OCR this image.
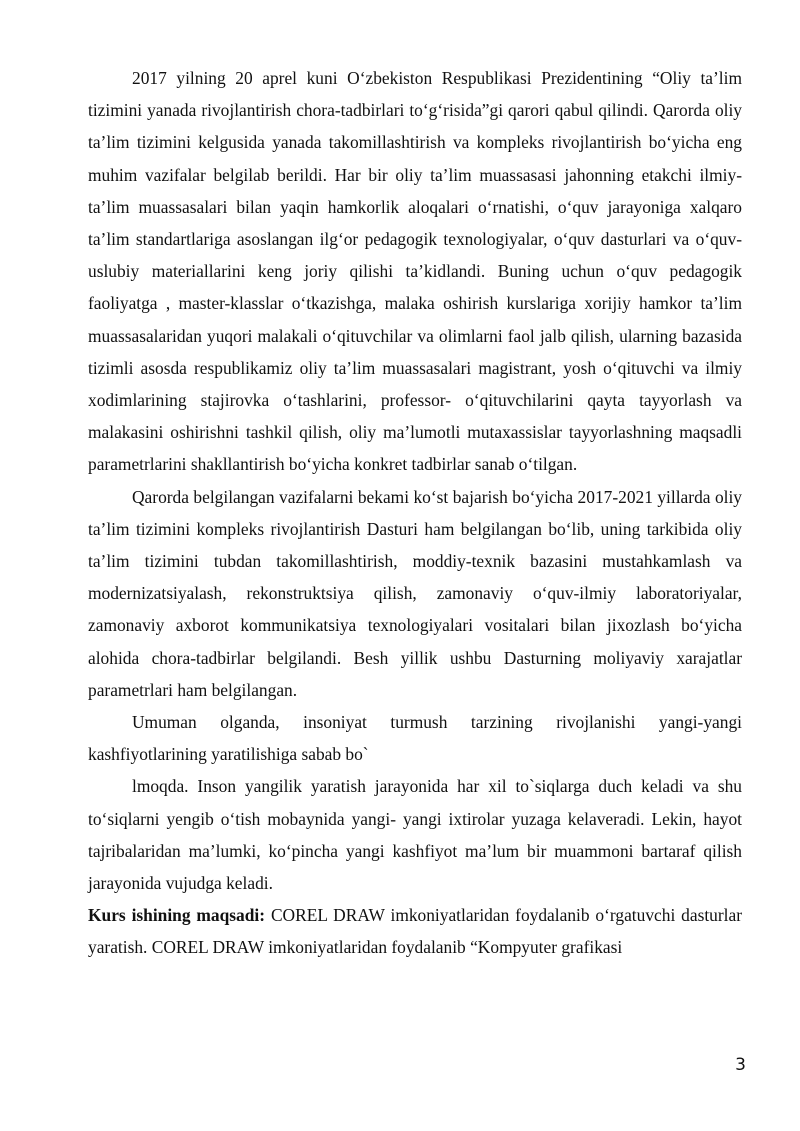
2017 yilning 20 aprel kuni O‘zbekiston Respublikasi Prezidentining “Oliy ta’lim tizimini yanada rivojlantirish chora-tadbirlari to‘g‘risida”gi qarori qabul qilindi. Qarorda oliy ta’lim tizimini kelgusida yanada takomillashtirish va kompleks rivojlantirish bo‘yicha eng muhim vazifalar belgilab berildi. Har bir oliy ta’lim muassasasi jahonning etakchi ilmiy-ta’lim muassasalari bilan yaqin hamkorlik aloqalari o‘rnatishi, o‘quv jarayoniga xalqaro ta’lim standartlariga asoslangan ilg‘or pedagogik texnologiyalar, o‘quv dasturlari va o‘quv-uslubiy materiallarini keng joriy qilishi ta’kidlandi. Buning uchun o‘quv pedagogik faoliyatga , master-klasslar o‘tkazishga, malaka oshirish kurslariga xorijiy hamkor ta’lim muassasalaridan yuqori malakali o‘qituvchilar va olimlarni faol jalb qilish, ularning bazasida tizimli asosda respublikamiz oliy ta’lim muassasalari magistrant, yosh o‘qituvchi va ilmiy xodimlarining stajirovka o‘tashlarini, professor- o‘qituvchilarini qayta tayyorlash va malakasini oshirishni tashkil qilish, oliy ma’lumotli mutaxassislar tayyorlashning maqsadli parametrlarini shakllantirish bo‘yicha konkret tadbirlar sanab o‘tilgan.

Qarorda belgilangan vazifalarni bekami ko‘st bajarish bo‘yicha 2017-2021 yillarda oliy ta’lim tizimini kompleks rivojlantirish Dasturi ham belgilangan bo‘lib, uning tarkibida oliy ta’lim tizimini tubdan takomillashtirish, moddiy-texnik bazasini mustahkamlash va modernizatsiyalash, rekonstruktsiya qilish, zamonaviy o‘quv-ilmiy laboratoriyalar, zamonaviy axborot kommunikatsiya texnologiyalari vositalari bilan jixozlash bo‘yicha alohida chora-tadbirlar belgilandi. Besh yillik ushbu Dasturning moliyaviy xarajatlar parametrlari ham belgilangan.

Umuman olganda, insoniyat turmush tarzining rivojlanishi yangi-yangi kashfiyotlarining yaratilishiga sabab bo`

lmoqda. Inson yangilik yaratish jarayonida har xil to`siqlarga duch keladi va shu to‘siqlarni yengib o‘tish mobaynida yangi- yangi ixtirolar yuzaga kelaveradi. Lekin, hayot tajribalaridan ma’lumki, ko‘pincha yangi kashfiyot ma’lum bir muammoni bartaraf qilish jarayonida vujudga keladi.

Kurs ishining maqsadi: COREL DRAW imkoniyatlaridan foydalanib o‘rgatuvchi dasturlar yaratish. COREL DRAW imkoniyatlaridan foydalanib “Kompyuter grafikasi

3
